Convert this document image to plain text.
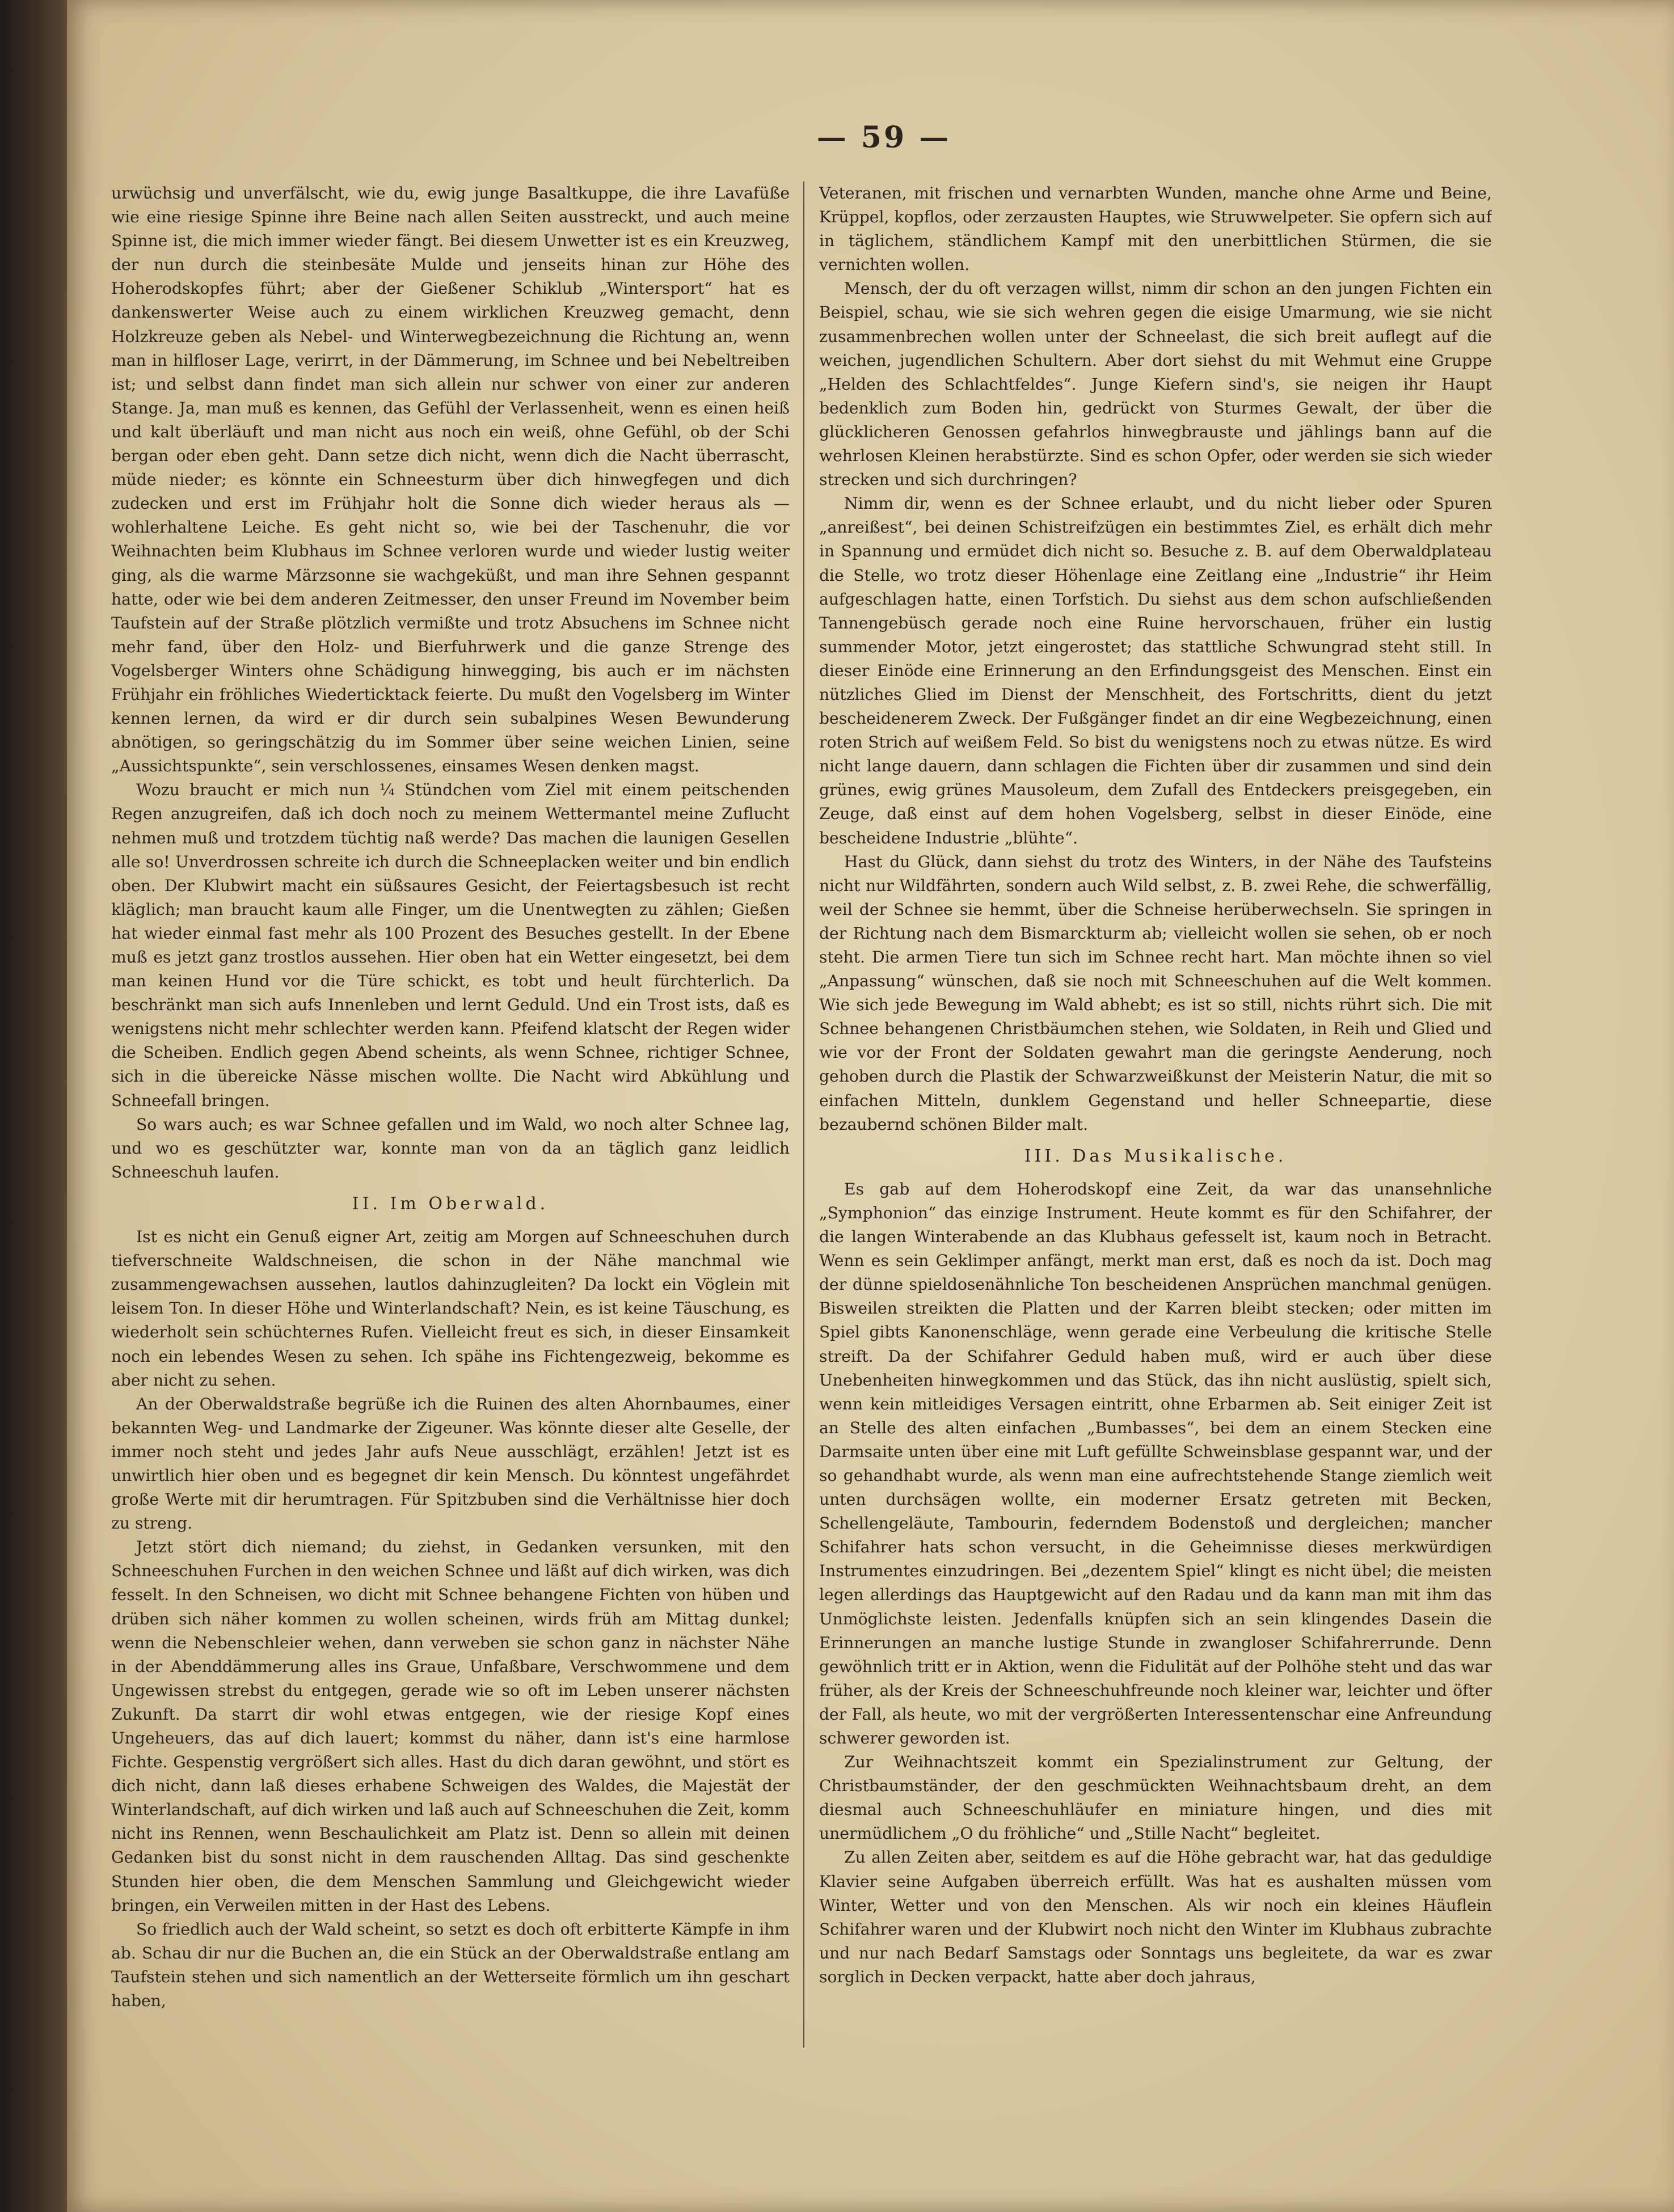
— 59 —

urwüchsig und unverfälscht, wie du, ewig junge Basaltkuppe, die ihre Lavafüße wie eine riesige Spinne ihre Beine nach allen Seiten ausstreckt, und auch meine Spinne ist, die mich immer wieder fängt. Bei diesem Unwetter ist es ein Kreuzweg, der nun durch die steinbesäte Mulde und jenseits hinan zur Höhe des Hoherodskopfes führt; aber der Gießener Schiklub „Wintersport“ hat es dankenswerter Weise auch zu einem wirklichen Kreuzweg gemacht, denn Holzkreuze geben als Nebel- und Winterwegbezeichnung die Richtung an, wenn man in hilfloser Lage, verirrt, in der Dämmerung, im Schnee und bei Nebeltreiben ist; und selbst dann findet man sich allein nur schwer von einer zur anderen Stange. Ja, man muß es kennen, das Gefühl der Verlassenheit, wenn es einen heiß und kalt überläuft und man nicht aus noch ein weiß, ohne Gefühl, ob der Schi bergan oder eben geht. Dann setze dich nicht, wenn dich die Nacht überrascht, müde nieder; es könnte ein Schneesturm über dich hinwegfegen und dich zudecken und erst im Frühjahr holt die Sonne dich wieder heraus als — wohlerhaltene Leiche. Es geht nicht so, wie bei der Taschenuhr, die vor Weihnachten beim Klubhaus im Schnee verloren wurde und wieder lustig weiter ging, als die warme Märzsonne sie wachgeküßt, und man ihre Sehnen gespannt hatte, oder wie bei dem anderen Zeitmesser, den unser Freund im November beim Taufstein auf der Straße plötzlich vermißte und trotz Absuchens im Schnee nicht mehr fand, über den Holz- und Bierfuhrwerk und die ganze Strenge des Vogelsberger Winters ohne Schädigung hinwegging, bis auch er im nächsten Frühjahr ein fröhliches Wiederticktack feierte. Du mußt den Vogelsberg im Winter kennen lernen, da wird er dir durch sein subalpines Wesen Bewunderung abnötigen, so geringschätzig du im Sommer über seine weichen Linien, seine „Aussichtspunkte“, sein verschlossenes, einsames Wesen denken magst.

Wozu braucht er mich nun ¼ Stündchen vom Ziel mit einem peitschenden Regen anzugreifen, daß ich doch noch zu meinem Wettermantel meine Zuflucht nehmen muß und trotzdem tüchtig naß werde? Das machen die launigen Gesellen alle so! Unverdrossen schreite ich durch die Schneeplacken weiter und bin endlich oben. Der Klubwirt macht ein süßsaures Gesicht, der Feiertagsbesuch ist recht kläglich; man braucht kaum alle Finger, um die Unentwegten zu zählen; Gießen hat wieder einmal fast mehr als 100 Prozent des Besuches gestellt. In der Ebene muß es jetzt ganz trostlos aussehen. Hier oben hat ein Wetter eingesetzt, bei dem man keinen Hund vor die Türe schickt, es tobt und heult fürchterlich. Da beschränkt man sich aufs Innenleben und lernt Geduld. Und ein Trost ists, daß es wenigstens nicht mehr schlechter werden kann. Pfeifend klatscht der Regen wider die Scheiben. Endlich gegen Abend scheints, als wenn Schnee, richtiger Schnee, sich in die übereicke Nässe mischen wollte. Die Nacht wird Abkühlung und Schneefall bringen.

So wars auch; es war Schnee gefallen und im Wald, wo noch alter Schnee lag, und wo es geschützter war, konnte man von da an täglich ganz leidlich Schneeschuh laufen.

II. Im Oberwald.

Ist es nicht ein Genuß eigner Art, zeitig am Morgen auf Schneeschuhen durch tiefverschneite Waldschneisen, die schon in der Nähe manchmal wie zusammengewachsen aussehen, lautlos dahinzugleiten? Da lockt ein Vöglein mit leisem Ton. In dieser Höhe und Winterlandschaft? Nein, es ist keine Täuschung, es wiederholt sein schüchternes Rufen. Vielleicht freut es sich, in dieser Einsamkeit noch ein lebendes Wesen zu sehen. Ich spähe ins Fichtengezweig, bekomme es aber nicht zu sehen.

An der Oberwaldstraße begrüße ich die Ruinen des alten Ahornbaumes, einer bekannten Weg- und Landmarke der Zigeuner. Was könnte dieser alte Geselle, der immer noch steht und jedes Jahr aufs Neue ausschlägt, erzählen! Jetzt ist es unwirtlich hier oben und es begegnet dir kein Mensch. Du könntest ungefährdet große Werte mit dir herumtragen. Für Spitzbuben sind die Verhältnisse hier doch zu streng.

Jetzt stört dich niemand; du ziehst, in Gedanken versunken, mit den Schneeschuhen Furchen in den weichen Schnee und läßt auf dich wirken, was dich fesselt. In den Schneisen, wo dicht mit Schnee behangene Fichten von hüben und drüben sich näher kommen zu wollen scheinen, wirds früh am Mittag dunkel; wenn die Nebenschleier wehen, dann verweben sie schon ganz in nächster Nähe in der Abenddämmerung alles ins Graue, Unfaßbare, Verschwommene und dem Ungewissen strebst du entgegen, gerade wie so oft im Leben unserer nächsten Zukunft. Da starrt dir wohl etwas entgegen, wie der riesige Kopf eines Ungeheuers, das auf dich lauert; kommst du näher, dann ist's eine harmlose Fichte. Gespenstig vergrößert sich alles. Hast du dich daran gewöhnt, und stört es dich nicht, dann laß dieses erhabene Schweigen des Waldes, die Majestät der Winterlandschaft, auf dich wirken und laß auch auf Schneeschuhen die Zeit, komm nicht ins Rennen, wenn Beschaulichkeit am Platz ist. Denn so allein mit deinen Gedanken bist du sonst nicht in dem rauschenden Alltag. Das sind geschenkte Stunden hier oben, die dem Menschen Sammlung und Gleichgewicht wieder bringen, ein Verweilen mitten in der Hast des Lebens.

So friedlich auch der Wald scheint, so setzt es doch oft erbitterte Kämpfe in ihm ab. Schau dir nur die Buchen an, die ein Stück an der Oberwaldstraße entlang am Taufstein stehen und sich namentlich an der Wetterseite förmlich um ihn geschart haben,

Veteranen, mit frischen und vernarbten Wunden, manche ohne Arme und Beine, Krüppel, kopflos, oder zerzausten Hauptes, wie Struwwelpeter. Sie opfern sich auf in täglichem, ständlichem Kampf mit den unerbittlichen Stürmen, die sie vernichten wollen.

Mensch, der du oft verzagen willst, nimm dir schon an den jungen Fichten ein Beispiel, schau, wie sie sich wehren gegen die eisige Umarmung, wie sie nicht zusammenbrechen wollen unter der Schneelast, die sich breit auflegt auf die weichen, jugendlichen Schultern. Aber dort siehst du mit Wehmut eine Gruppe „Helden des Schlachtfeldes“. Junge Kiefern sind's, sie neigen ihr Haupt bedenklich zum Boden hin, gedrückt von Sturmes Gewalt, der über die glücklicheren Genossen gefahrlos hinwegbrauste und jählings bann auf die wehrlosen Kleinen herabstürzte. Sind es schon Opfer, oder werden sie sich wieder strecken und sich durchringen?

Nimm dir, wenn es der Schnee erlaubt, und du nicht lieber oder Spuren „anreißest“, bei deinen Schistreifzügen ein bestimmtes Ziel, es erhält dich mehr in Spannung und ermüdet dich nicht so. Besuche z. B. auf dem Oberwaldplateau die Stelle, wo trotz dieser Höhenlage eine Zeitlang eine „Industrie“ ihr Heim aufgeschlagen hatte, einen Torfstich. Du siehst aus dem schon aufschließenden Tannengebüsch gerade noch eine Ruine hervorschauen, früher ein lustig summender Motor, jetzt eingerostet; das stattliche Schwungrad steht still. In dieser Einöde eine Erinnerung an den Erfindungsgeist des Menschen. Einst ein nützliches Glied im Dienst der Menschheit, des Fortschritts, dient du jetzt bescheidenerem Zweck. Der Fußgänger findet an dir eine Wegbezeichnung, einen roten Strich auf weißem Feld. So bist du wenigstens noch zu etwas nütze. Es wird nicht lange dauern, dann schlagen die Fichten über dir zusammen und sind dein grünes, ewig grünes Mausoleum, dem Zufall des Entdeckers preisgegeben, ein Zeuge, daß einst auf dem hohen Vogelsberg, selbst in dieser Einöde, eine bescheidene Industrie „blühte“.

Hast du Glück, dann siehst du trotz des Winters, in der Nähe des Taufsteins nicht nur Wildfährten, sondern auch Wild selbst, z. B. zwei Rehe, die schwerfällig, weil der Schnee sie hemmt, über die Schneise herüberwechseln. Sie springen in der Richtung nach dem Bismarckturm ab; vielleicht wollen sie sehen, ob er noch steht. Die armen Tiere tun sich im Schnee recht hart. Man möchte ihnen so viel „Anpassung“ wünschen, daß sie noch mit Schneeschuhen auf die Welt kommen. Wie sich jede Bewegung im Wald abhebt; es ist so still, nichts rührt sich. Die mit Schnee behangenen Christbäumchen stehen, wie Soldaten, in Reih und Glied und wie vor der Front der Soldaten gewahrt man die geringste Aenderung, noch gehoben durch die Plastik der Schwarzweißkunst der Meisterin Natur, die mit so einfachen Mitteln, dunklem Gegenstand und heller Schneepartie, diese bezaubernd schönen Bilder malt.

III. Das Musikalische.

Es gab auf dem Hoherodskopf eine Zeit, da war das unansehnliche „Symphonion“ das einzige Instrument. Heute kommt es für den Schifahrer, der die langen Winterabende an das Klubhaus gefesselt ist, kaum noch in Betracht. Wenn es sein Geklimper anfängt, merkt man erst, daß es noch da ist. Doch mag der dünne spieldosenähnliche Ton bescheidenen Ansprüchen manchmal genügen. Bisweilen streikten die Platten und der Karren bleibt stecken; oder mitten im Spiel gibts Kanonenschläge, wenn gerade eine Verbeulung die kritische Stelle streift. Da der Schifahrer Geduld haben muß, wird er auch über diese Unebenheiten hinwegkommen und das Stück, das ihn nicht auslüstig, spielt sich, wenn kein mitleidiges Versagen eintritt, ohne Erbarmen ab. Seit einiger Zeit ist an Stelle des alten einfachen „Bumbasses“, bei dem an einem Stecken eine Darmsaite unten über eine mit Luft gefüllte Schweinsblase gespannt war, und der so gehandhabt wurde, als wenn man eine aufrechtstehende Stange ziemlich weit unten durchsägen wollte, ein moderner Ersatz getreten mit Becken, Schellengeläute, Tambourin, federndem Bodenstoß und dergleichen; mancher Schifahrer hats schon versucht, in die Geheimnisse dieses merkwürdigen Instrumentes einzudringen. Bei „dezentem Spiel“ klingt es nicht übel; die meisten legen allerdings das Hauptgewicht auf den Radau und da kann man mit ihm das Unmöglichste leisten. Jedenfalls knüpfen sich an sein klingendes Dasein die Erinnerungen an manche lustige Stunde in zwangloser Schifahrerrunde. Denn gewöhnlich tritt er in Aktion, wenn die Fidulität auf der Polhöhe steht und das war früher, als der Kreis der Schneeschuhfreunde noch kleiner war, leichter und öfter der Fall, als heute, wo mit der vergrößerten Interessentenschar eine Anfreundung schwerer geworden ist.

Zur Weihnachtszeit kommt ein Spezialinstrument zur Geltung, der Christbaumständer, der den geschmückten Weihnachtsbaum dreht, an dem diesmal auch Schneeschuhläufer en miniature hingen, und dies mit unermüdlichem „O du fröhliche“ und „Stille Nacht“ begleitet.

Zu allen Zeiten aber, seitdem es auf die Höhe gebracht war, hat das geduldige Klavier seine Aufgaben überreich erfüllt. Was hat es aushalten müssen vom Winter, Wetter und von den Menschen. Als wir noch ein kleines Häuflein Schifahrer waren und der Klubwirt noch nicht den Winter im Klubhaus zubrachte und nur nach Bedarf Samstags oder Sonntags uns begleitete, da war es zwar sorglich in Decken verpackt, hatte aber doch jahraus,
